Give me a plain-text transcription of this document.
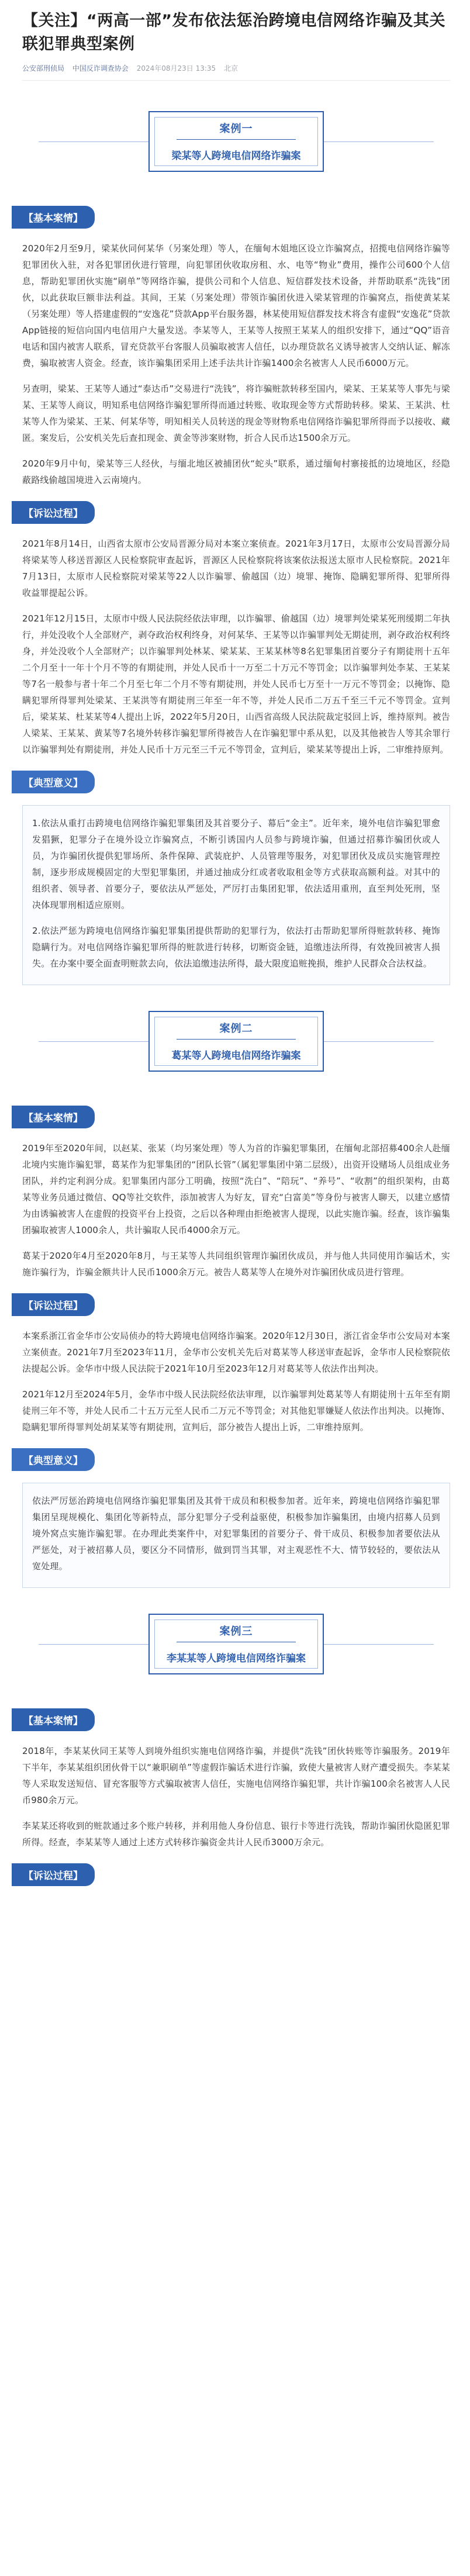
【关注】“两高一部”发布依法惩治跨境电信网络诈骗及其关联犯罪典型案例
公安部刑侦局 中国反诈调查协会 2024年08月23日 13:35 北京
案例一
梁某等人跨境电信网络诈骗案
【基本案情】

2020年2月至9月，梁某伙同何某华（另案处理）等人，在缅甸木姐地区设立诈骗窝点，招揽电信网络诈骗等犯罪团伙入驻，对各犯罪团伙进行管理，向犯罪团伙收取房租、水、电等“物业”费用，操作公司600个人信息，帮助犯罪团伙实施“刷单”等网络诈骗，提供公司和个人信息、短信群发技术设备，并帮助联系“洗钱”团伙，以此获取巨额非法利益。其间，王某（另案处理）带领诈骗团伙进入梁某管理的诈骗窝点，指使黄某某（另案处理）等人搭建虚假的“安逸花”贷款App平台服务器，林某使用短信群发技术将含有虚假“安逸花”贷款App链接的短信向国内电信用户大量发送。李某等人，王某等人按照王某某人的组织安排下，通过“QQ”语音电话和国内被害人联系，冒充贷款平台客服人员骗取被害人信任，以办理贷款名义诱导被害人交纳认证、解冻费，骗取被害人资金。经查，该诈骗集团采用上述手法共计诈骗1400余名被害人人民币6000万元。

另查明，梁某、王某等人通过“泰达币”交易进行“洗钱”，将诈骗赃款转移至国内，梁某、王某某等人事先与梁某、王某等人商议，明知系电信网络诈骗犯罪所得而通过转账、收取现金等方式帮助转移。梁某、王某洪、杜某等人作为梁某、王某、何某华等，明知相关人员转送的现金等财物系电信网络诈骗犯罪所得而予以接收、藏匿。案发后，公安机关先后查扣现金、黄金等涉案财物，折合人民币达1500余万元。

2020年9月中旬，梁某等三人经伙，与缅北地区被捕团伙“蛇头”联系，通过缅甸村寨接抵的边境地区，经隐蔽路线偷越国境进入云南境内。

【诉讼过程】

2021年8月14日，山西省太原市公安局晋源分局对本案立案侦查。2021年3月17日，太原市公安局晋源分局将梁某等人移送晋源区人民检察院审查起诉，晋源区人民检察院将该案依法报送太原市人民检察院。2021年7月13日，太原市人民检察院对梁某等22人以诈骗罪、偷越国（边）境罪、掩饰、隐瞒犯罪所得、犯罪所得收益罪提起公诉。

2021年12月15日，太原市中级人民法院经依法审理，以诈骗罪、偷越国（边）境罪判处梁某死刑缓期二年执行，并处没收个人全部财产，剥夺政治权利终身，对何某华、王某等以诈骗罪判处无期徒刑，剥夺政治权利终身，并处没收个人全部财产；以诈骗罪判处林某、梁某某、王某某林等8名犯罪集团首要分子有期徒刑十五年二个月至十一年十个月不等的有期徒刑，并处人民币十一万至二十万元不等罚金；以诈骗罪判处李某、王某某等7名一般参与者十年二个月至七年二个月不等有期徒刑，并处人民币七万至十一万元不等罚金；以掩饰、隐瞒犯罪所得罪判处梁某、王某洪等有期徒刑三年至一年不等，并处人民币二万五千至三千元不等罚金。宣判后，梁某某、杜某某等4人提出上诉，2022年5月20日，山西省高级人民法院裁定驳回上诉，维持原判。被告人梁某、王某某、黄某等7名境外转移诈骗犯罪所得被告人在诈骗犯罪中系从犯，以及其他被告人等其余罪行以诈骗罪判处有期徒刑，并处人民币十万元至三千元不等罚金，宣判后，梁某某等提出上诉，二审维持原判。

【典型意义】

1.依法从重打击跨境电信网络诈骗犯罪集团及其首要分子、幕后“金主”。近年来，境外电信诈骗犯罪愈发猖獗，犯罪分子在境外设立诈骗窝点，不断引诱国内人员参与跨境诈骗，但通过招募诈骗团伙或人员，为诈骗团伙提供犯罪场所、条件保障、武装庇护、人员管理等服务，对犯罪团伙及成员实施管理控制，逐步形成规模固定的大型犯罪集团，并通过抽成分红或者收取租金等方式获取高额利益。对其中的组织者、领导者、首要分子，要依法从严惩处，严厉打击集团犯罪，依法适用重刑，直至判处死刑，坚决体现罪刑相适应原则。

2.依法严惩为跨境电信网络诈骗犯罪集团提供帮助的犯罪行为，依法打击帮助犯罪所得赃款转移、掩饰隐瞒行为。对电信网络诈骗犯罪所得的赃款进行转移，切断资金链，追缴违法所得，有效挽回被害人损失。在办案中要全面查明赃款去向，依法追缴违法所得，最大限度追赃挽损，维护人民群众合法权益。

案例二
葛某等人跨境电信网络诈骗案
【基本案情】

2019年至2020年间，以赵某、张某（均另案处理）等人为首的诈骗犯罪集团，在缅甸北部招募400余人赴缅北境内实施诈骗犯罪，葛某作为犯罪集团的“团队长管”（属犯罪集团中第二层级），出资开设赌场人员组成业务团队，并约定利润分成。犯罪集团内部分工明确，按照“洗白”、“陪玩”、“养号”、“收割”的组织架构，由葛某等业务员通过微信、QQ等社交软件，添加被害人为好友，冒充“白富美”等身份与被害人聊天，以建立感情为由诱骗被害人在虚假的投资平台上投资，之后以各种理由拒绝被害人提现，以此实施诈骗。经查，该诈骗集团骗取被害人1000余人，共计骗取人民币4000余万元。

葛某于2020年4月至2020年8月，与王某等人共同组织管理诈骗团伙成员，并与他人共同使用诈骗话术，实施诈骗行为，诈骗金额共计人民币1000余万元。被告人葛某等人在境外对诈骗团伙成员进行管理。

【诉讼过程】

本案系浙江省金华市公安局侦办的特大跨境电信网络诈骗案。2020年12月30日，浙江省金华市公安局对本案立案侦查。2021年7月至2023年11月，金华市公安机关先后对葛某等人移送审查起诉，金华市人民检察院依法提起公诉。金华市中级人民法院于2021年10月至2023年12月对葛某等人依法作出判决。

2021年12月至2024年5月，金华市中级人民法院经依法审理，以诈骗罪判处葛某等人有期徒刑十五年至有期徒刑三年不等，并处人民币二十五万元至人民币二万元不等罚金；对其他犯罪嫌疑人依法作出判决。以掩饰、隐瞒犯罪所得罪判处胡某某等有期徒刑，宣判后，部分被告人提出上诉，二审维持原判。

【典型意义】

依法严厉惩治跨境电信网络诈骗犯罪集团及其骨干成员和积极参加者。近年来，跨境电信网络诈骗犯罪集团呈现规模化、集团化等新特点，部分犯罪分子受利益驱使，积极参加诈骗集团，由境内招募人员到境外窝点实施诈骗犯罪。在办理此类案件中，对犯罪集团的首要分子、骨干成员、积极参加者要依法从严惩处，对于被招募人员，要区分不同情形，做到罚当其罪，对主观恶性不大、情节较轻的，要依法从宽处理。

案例三
李某某等人跨境电信网络诈骗案
【基本案情】

2018年，李某某伙同王某等人到境外组织实施电信网络诈骗，并提供“洗钱”团伙转账等诈骗服务。2019年下半年，李某某组织团伙骨干以“兼职刷单”等虚假诈骗话术进行诈骗，致使大量被害人财产遭受损失。李某某等人采取发送短信、冒充客服等方式骗取被害人信任，实施电信网络诈骗犯罪，共计诈骗100余名被害人人民币980余万元。

李某某还将收到的赃款通过多个账户转移，并利用他人身份信息、银行卡等进行洗钱，帮助诈骗团伙隐匿犯罪所得。经查，李某某等人通过上述方式转移诈骗资金共计人民币3000万余元。

【诉讼过程】
